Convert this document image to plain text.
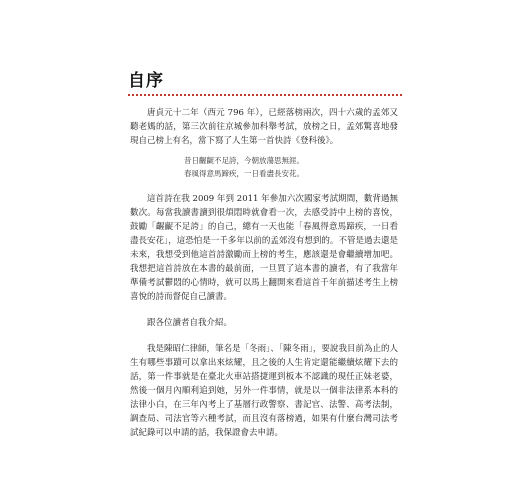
自序

唐貞元十二年（西元 796 年），已經落榜兩次，四十六歲的孟郊又聽老媽的話，第三次前往京城參加科舉考試，放榜之日，孟郊驚喜地發現自己榜上有名，當下寫了人生第一首快詩《登科後》。

昔日齷齪不足誇，今朝放蕩思無涯。

春風得意馬蹄疾，一日看盡長安花。

這首詩在我 2009 年到 2011 年參加六次國家考試期間，數背過無數次。每當我讀書讀到很煩悶時就會看一次，去感受詩中上榜的喜悅，鼓勵「齷齪不足誇」的自己，總有一天也能「春風得意馬蹄疾，一日看盡長安花」，這恐怕是一千多年以前的孟郊沒有想到的。不管是過去還是未來，我想受到他這首詩激勵而上榜的考生，應該還是會繼續增加吧。我想把這首詩放在本書的最前面，一旦買了這本書的讀者，有了我當年準備考試鬱悶的心情時，就可以馬上翻開來看這首千年前描述考生上榜喜悅的詩而督促自己讀書。

跟各位讀者自我介紹。

我是陳昭仁律師，筆名是「冬雨」、「陳冬雨」，要說我目前為止的人生有哪些事蹟可以拿出來炫耀，且之後的人生肯定還能繼續炫耀下去的話，第一件事就是在臺北火車站搭捷運到板本不認識的現任正妹老婆，然後一個月內順利追到她，另外一件事情，就是以一個非法律系本科的法律小白，在三年內考上了基層行政警察、書記官、法警、高考法制，調查局、司法官等六種考試，而且沒有落榜過，如果有什麼台灣司法考試紀錄可以申請的話，我保證會去申請。
